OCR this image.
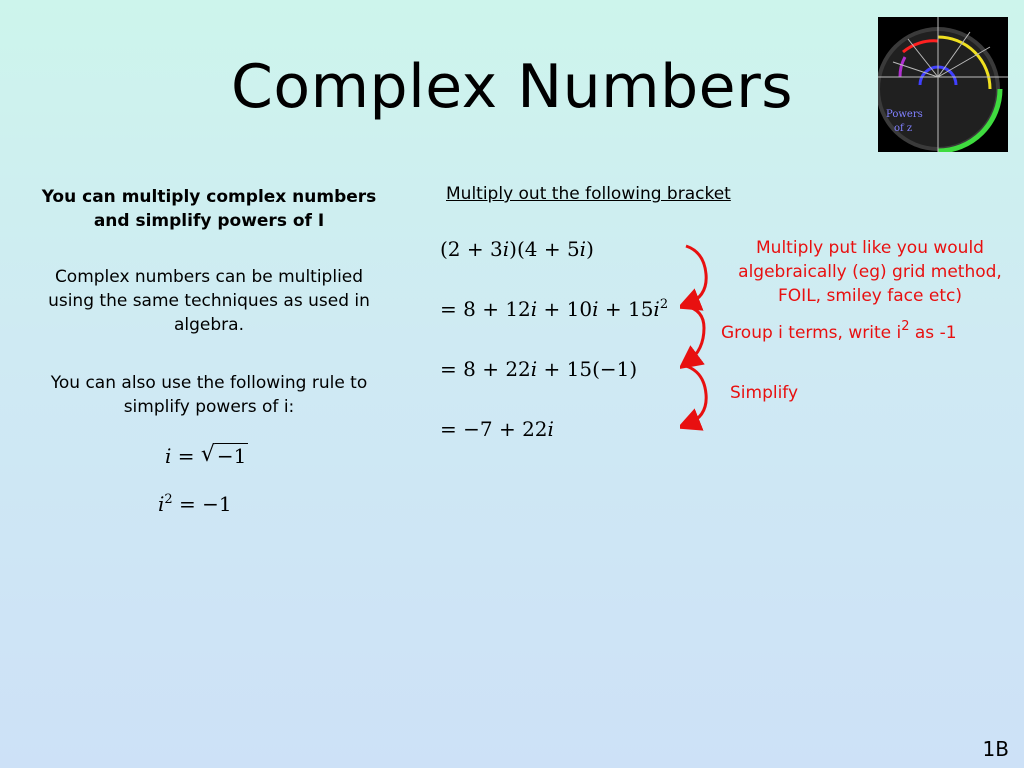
Complex Numbers	Powers
of z
You can multiply complex numbers and simplify powers of I
Complex numbers can be multiplied using the same techniques as used in algebra.
You can also use the following rule to simplify powers of i:
i = √ −1
$i^2 = -1$
Multiply out the following bracket
(2 + 3i)(4 + 5i)
= $8 + 12i + 10i + 15i^2$
= 8 + 22i + 15(−1)
= −7 + 22i
Multiply put like you would algebraically (eg) grid method, FOIL, smiley face etc)
Group i terms, write $i^2$ as -1
Simplify
1B
